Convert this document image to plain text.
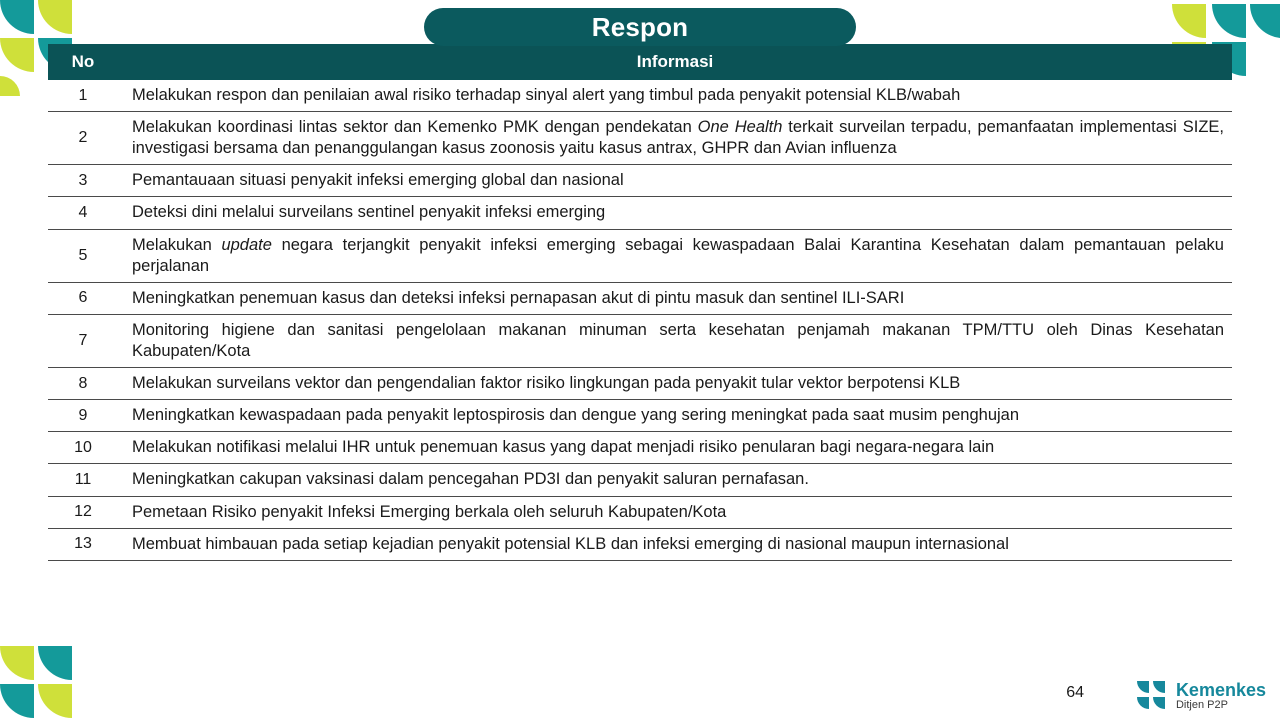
Respon
No	Informasi
1	Melakukan respon dan penilaian awal risiko terhadap sinyal alert yang timbul pada penyakit potensial KLB/wabah
2	Melakukan koordinasi lintas sektor dan Kemenko PMK dengan pendekatan One Health terkait surveilan terpadu, pemanfaatan implementasi SIZE, investigasi bersama dan penanggulangan kasus zoonosis yaitu kasus antrax, GHPR dan Avian influenza
3	Pemantauaan situasi penyakit infeksi emerging global dan nasional
4	Deteksi dini melalui surveilans sentinel penyakit infeksi emerging
5	Melakukan update negara terjangkit penyakit infeksi emerging sebagai kewaspadaan Balai Karantina Kesehatan dalam pemantauan pelaku perjalanan
6	Meningkatkan penemuan kasus dan deteksi infeksi pernapasan akut di pintu masuk dan sentinel ILI-SARI
7	Monitoring higiene dan sanitasi pengelolaan makanan minuman serta kesehatan penjamah makanan TPM/TTU oleh Dinas Kesehatan Kabupaten/Kota
8	Melakukan surveilans vektor dan pengendalian faktor risiko lingkungan pada penyakit tular vektor berpotensi KLB
9	Meningkatkan kewaspadaan pada penyakit leptospirosis dan dengue yang sering meningkat pada saat musim penghujan
10	Melakukan notifikasi melalui IHR untuk penemuan kasus yang dapat menjadi risiko penularan bagi negara-negara lain
11	Meningkatkan cakupan vaksinasi dalam pencegahan PD3I dan penyakit saluran pernafasan.
12	Pemetaan Risiko penyakit Infeksi Emerging berkala oleh seluruh Kabupaten/Kota
13	Membuat himbauan pada setiap kejadian penyakit potensial KLB dan infeksi emerging di nasional maupun internasional
64	Kemenkes
Ditjen P2P
